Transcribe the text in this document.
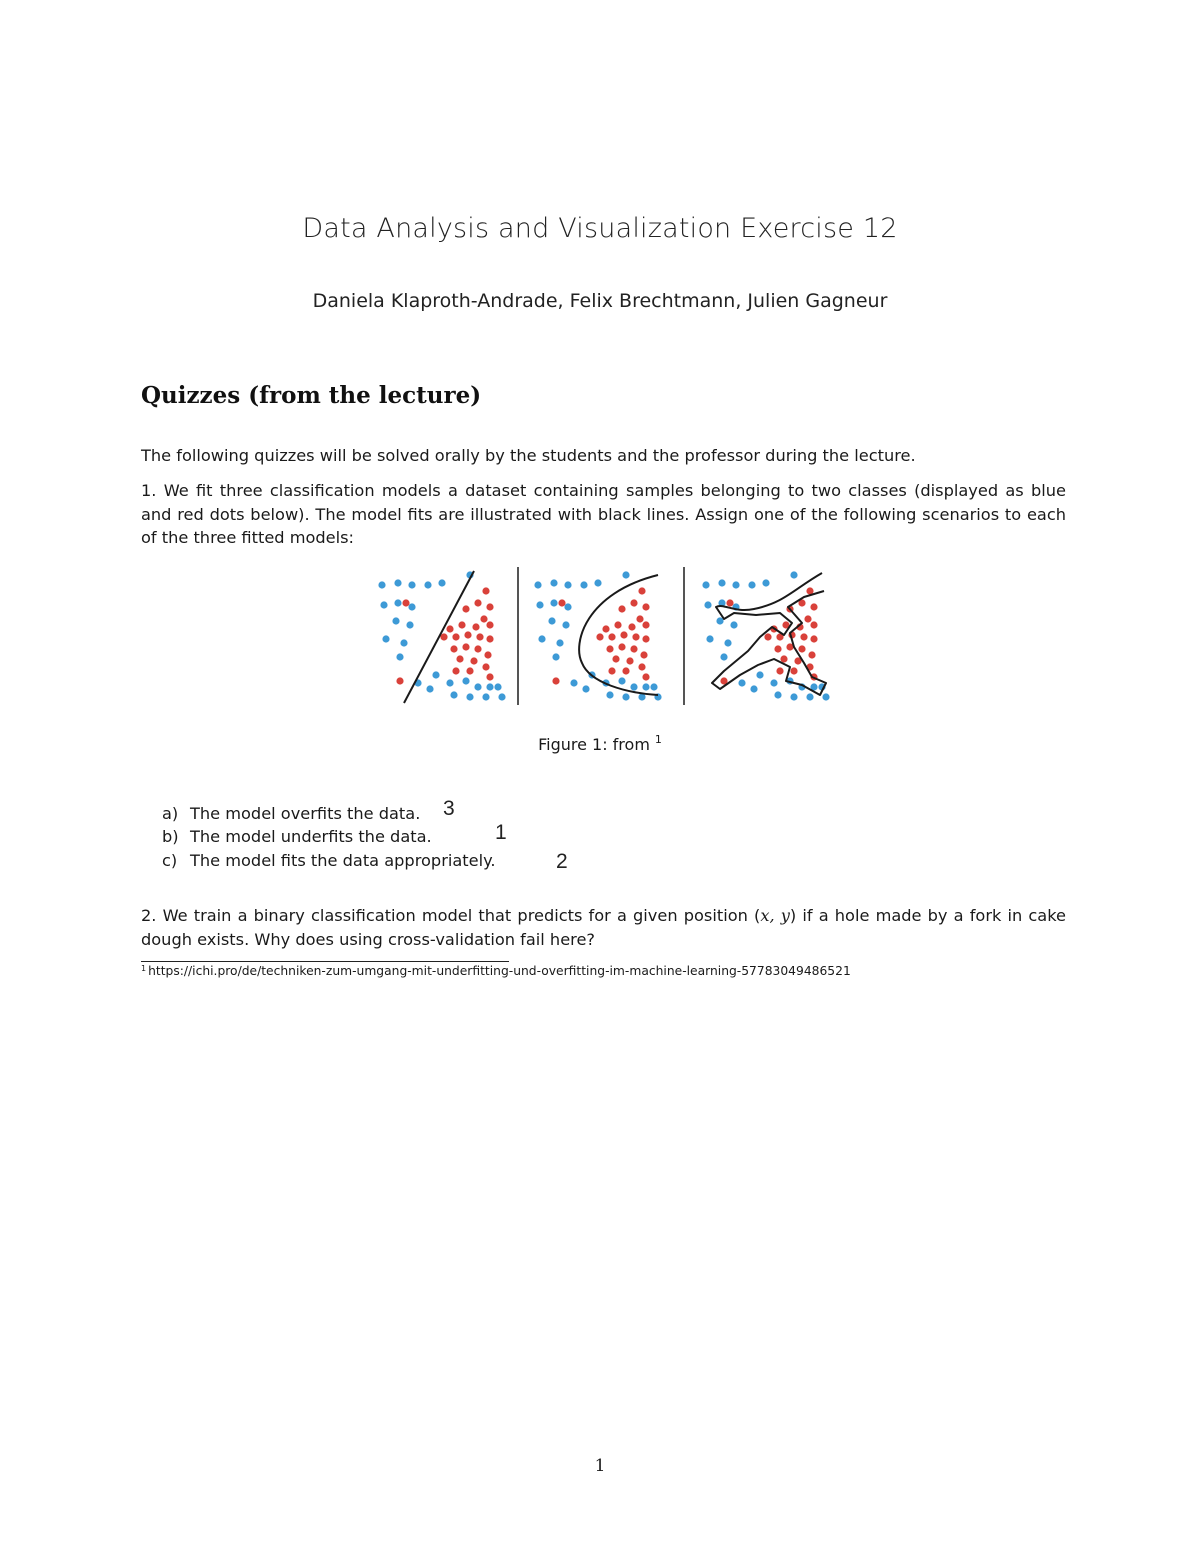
Data Analysis and Visualization Exercise 12
Daniela Klaproth-Andrade, Felix Brechtmann, Julien Gagneur
Quizzes (from the lecture)
The following quizzes will be solved orally by the students and the professor during the lecture.
1. We fit three classification models a dataset containing samples belonging to two classes (displayed as blue and red dots below). The model fits are illustrated with black lines. Assign one of the following scenarios to each of the three fitted models:
Figure 1: from $^1$
a) The model overfits the data.
b) The model underfits the data.
c) The model fits the data appropriately.
3
1
2
2. We train a binary classification model that predicts for a given position (x, y) if a hole made by a fork in cake dough exists. Why does using cross-validation fail here?
$^1$ https://ichi.pro/de/techniken-zum-umgang-mit-underfitting-und-overfitting-im-machine-learning-57783049486521
1
